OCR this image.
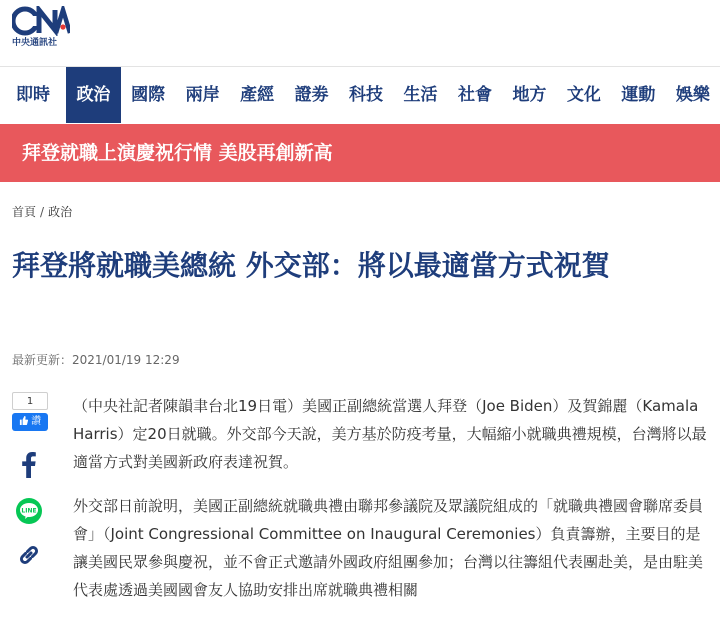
中央通訊社
即時	政治	國際	兩岸	產經	證劵	科技	生活	社會	地方	文化	運動	娛樂
拜登就職上演慶祝行情 美股再創新高
首頁 / 政治
拜登將就職美總統 外交部：將以最適當方式祝賀
最新更新：2021/01/19 12:29
1
讚
LINE

（中央社記者陳韻聿台北19日電）美國正副總統當選人拜登（Joe Biden）及賀錦麗（Kamala Harris）定20日就職。外交部今天說，美方基於防疫考量，大幅縮小就職典禮規模，台灣將以最適當方式對美國新政府表達祝賀。

外交部日前說明，美國正副總統就職典禮由聯邦參議院及眾議院組成的「就職典禮國會聯席委員會」（Joint Congressional Committee on Inaugural Ceremonies）負責籌辦，主要目的是讓美國民眾參與慶祝，並不會正式邀請外國政府組團參加；台灣以往籌組代表團赴美，是由駐美代表處透過美國國會友人協助安排出席就職典禮相關
